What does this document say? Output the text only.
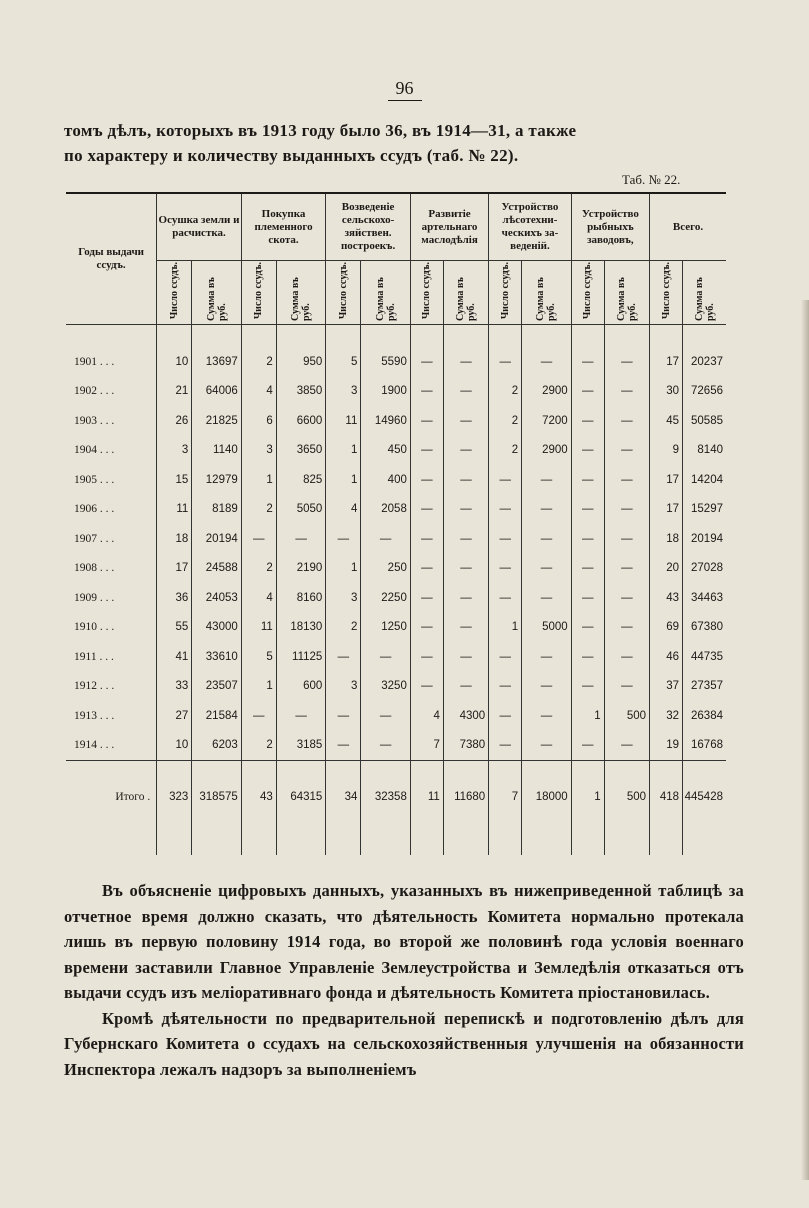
96

томъ дѣлъ, которыхъ въ 1913 году было 36, въ 1914—31, а также

по характеру и количеству выданныхъ ссудъ (таб. № 22).

Таб. № 22.
Годы выдачи ссудъ.	Осушка земли и расчистка.		Покупка племенного скота.		Возведеніе сельскохо-зяйствен. построекъ.		Развитіе артельнаго маслодѣлія		Устройство лѣсотехни-ческихъ за-веденій.		Устройство рыбныхъ заводовъ,		Всего.	
	Число ссудъ.	Сумма въ руб.	Число ссудъ.	Сумма въ руб.	Число ссудъ.	Сумма въ руб.	Число ссудъ.	Сумма въ руб.	Число ссудъ.	Сумма въ руб.	Число ссудъ.	Сумма въ руб.	Число ссудъ.	Сумма въ руб.

1901 . . .	10	13697	2	950	5	5590	—	—	—	—	—	—	17	20237
1902 . . .	21	64006	4	3850	3	1900	—	—	2	2900	—	—	30	72656
1903 . . .	26	21825	6	6600	11	14960	—	—	2	7200	—	—	45	50585
1904 . . .	3	1140	3	3650	1	450	—	—	2	2900	—	—	9	8140
1905 . . .	15	12979	1	825	1	400	—	—	—	—	—	—	17	14204
1906 . . .	11	8189	2	5050	4	2058	—	—	—	—	—	—	17	15297
1907 . . .	18	20194	—	—	—	—	—	—	—	—	—	—	18	20194
1908 . . .	17	24588	2	2190	1	250	—	—	—	—	—	—	20	27028
1909 . . .	36	24053	4	8160	3	2250	—	—	—	—	—	—	43	34463
1910 . . .	55	43000	11	18130	2	1250	—	—	1	5000	—	—	69	67380
1911 . . .	41	33610	5	11125	—	—	—	—	—	—	—	—	46	44735
1912 . . .	33	23507	1	600	3	3250	—	—	—	—	—	—	37	27357
1913 . . .	27	21584	—	—	—	—	4	4300	—	—	1	500	32	26384
1914 . . .	10	6203	2	3185	—	—	7	7380	—	—	—	—	19	16768

Итого .	323	318575	43	64315	34	32358	11	11680	7	18000	1	500	418	445428

Въ объясненіе цифровыхъ данныхъ, указанныхъ въ нижеприведенной таблицѣ за отчетное время должно сказать, что дѣятельность Комитета нормально протекала лишь въ первую половину 1914 года, во второй же половинѣ года условія военнаго времени заставили Главное Управленіе Землеустройства и Земледѣлія отказаться отъ выдачи ссудъ изъ меліоративнаго фонда и дѣятельность Комитета пріостановилась.

Кромѣ дѣятельности по предварительной перепискѣ и подготовленію дѣлъ для Губернскаго Комитета о ссудахъ на сельскохозяйственныя улучшенія на обязанности Инспектора лежалъ надзоръ за выполненіемъ
